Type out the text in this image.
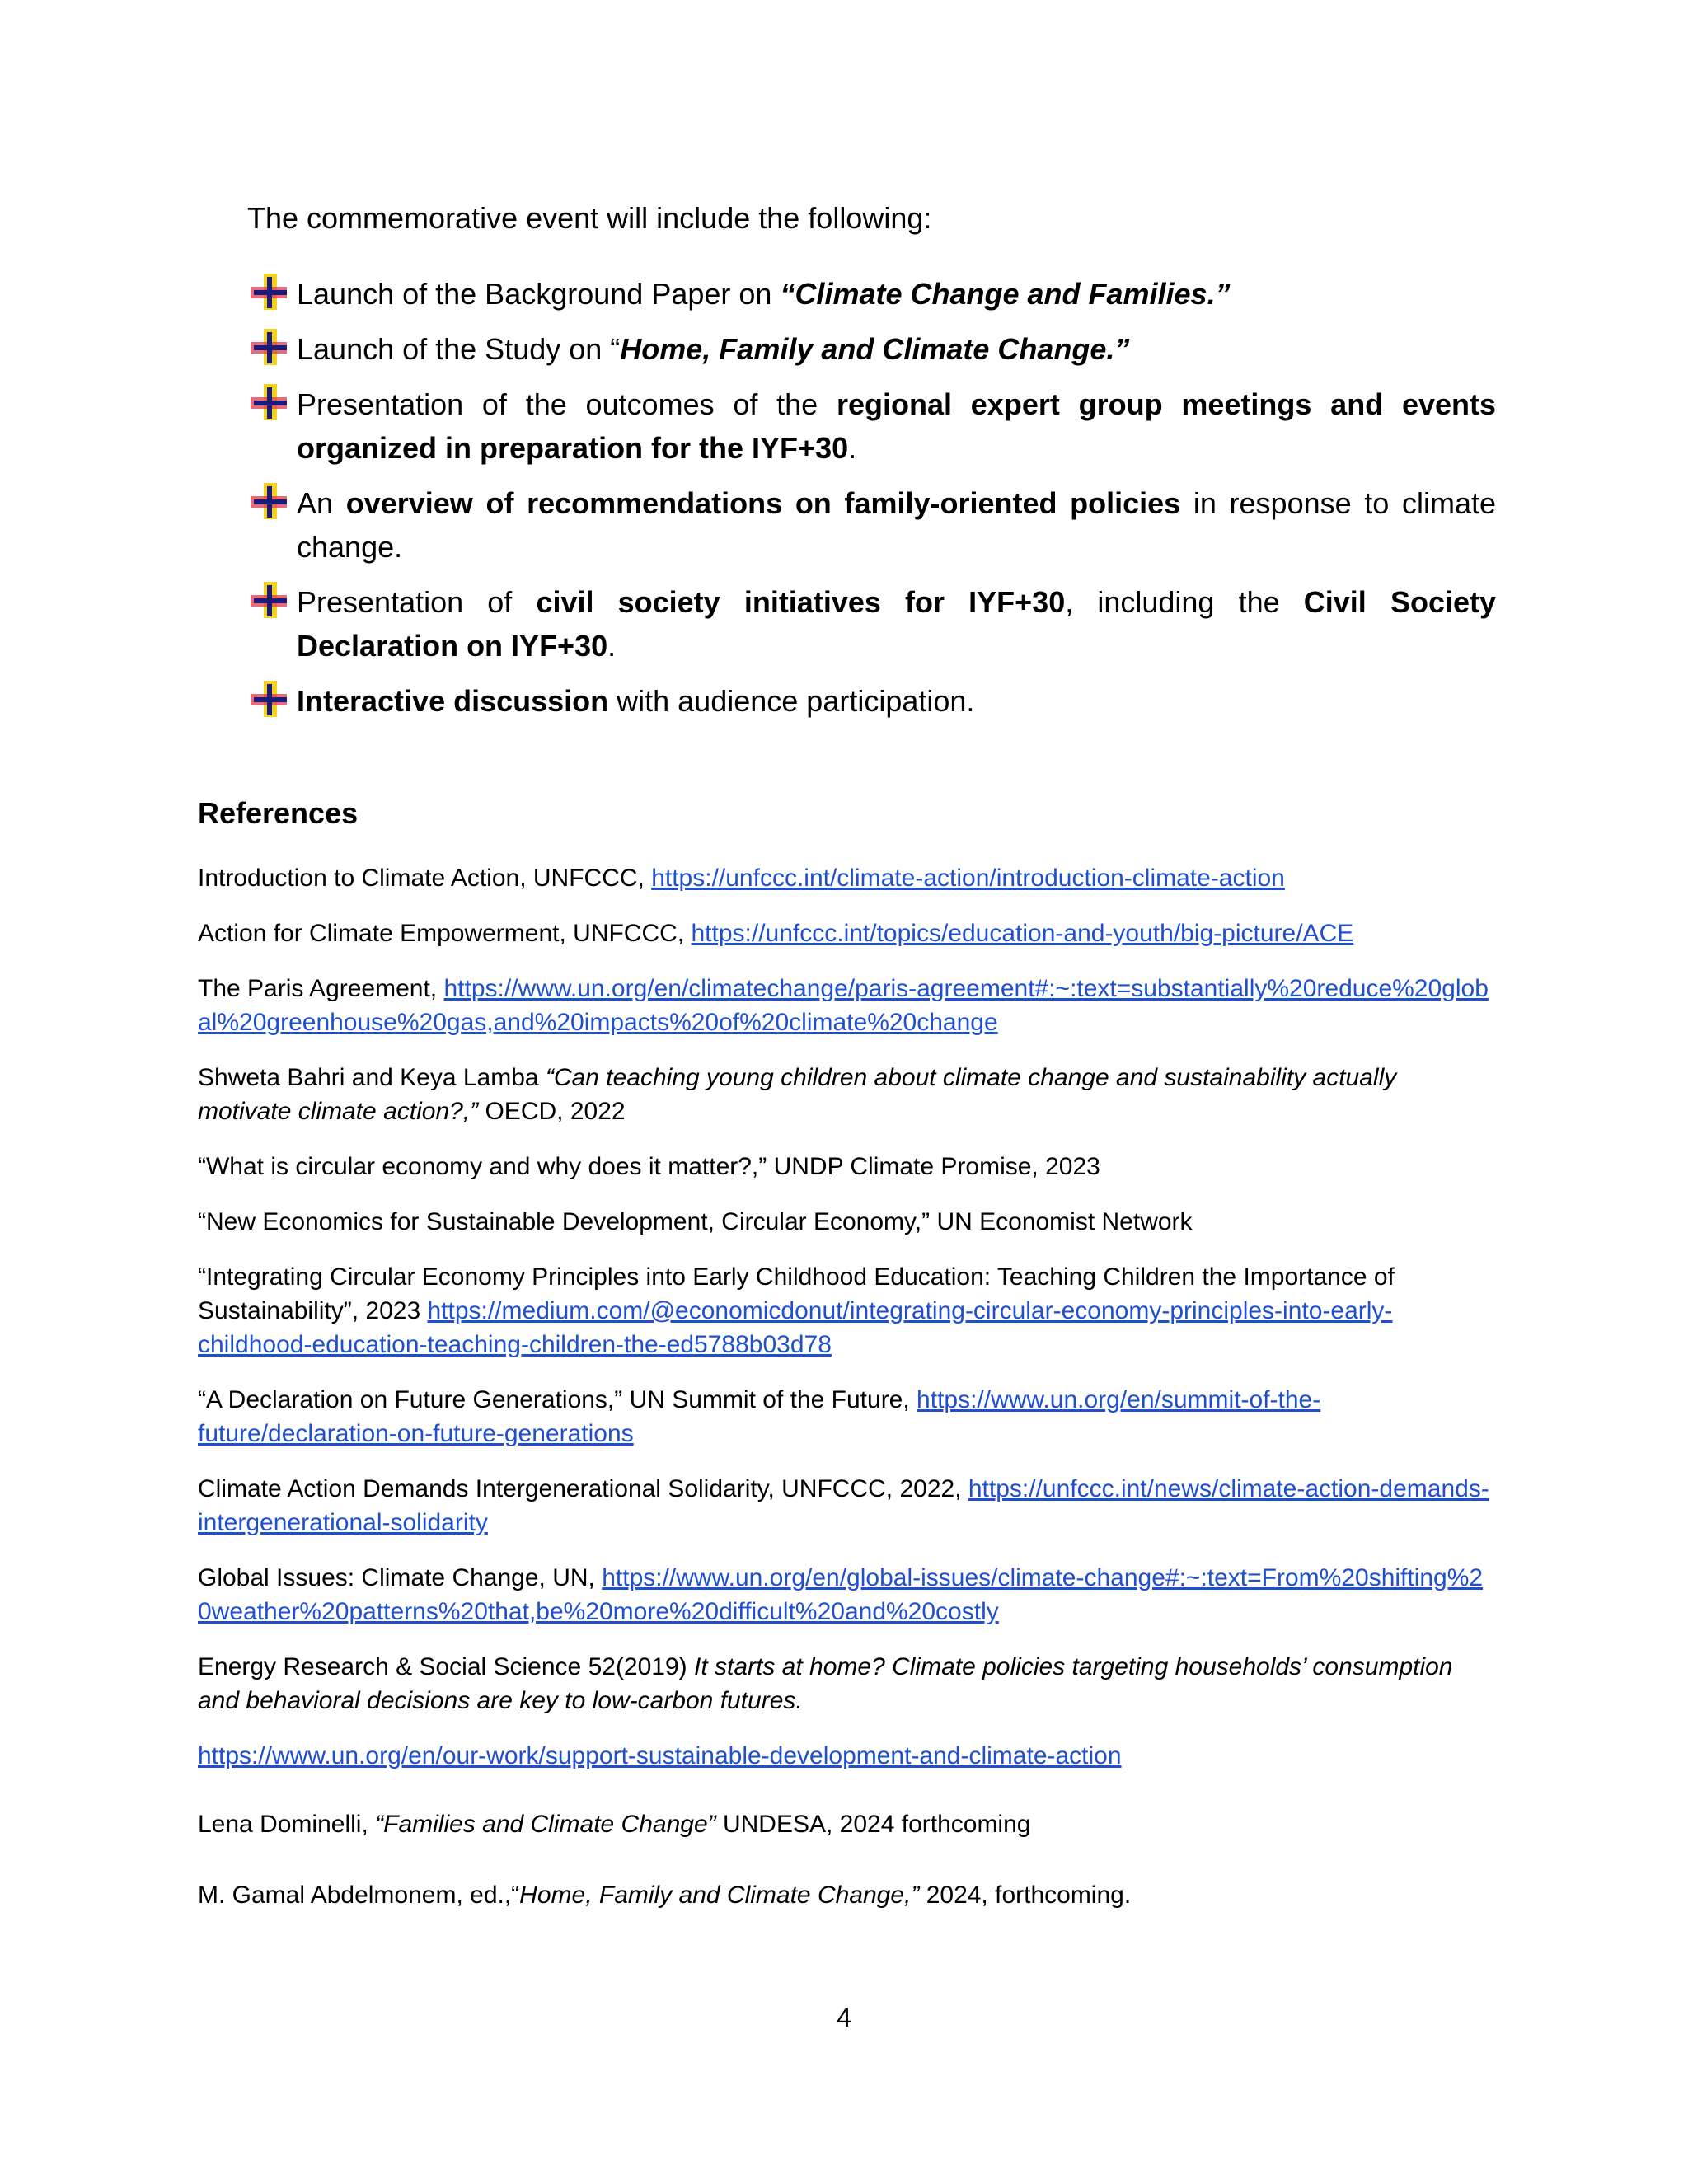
The commemorative event will include the following:
Launch of the Background Paper on “Climate Change and Families.”
Launch of the Study on “Home, Family and Climate Change.”
Presentation of the outcomes of the regional expert group meetings and events organized in preparation for the IYF+30.
An overview of recommendations on family-oriented policies in response to climate change.
Presentation of civil society initiatives for IYF+30, including the Civil Society Declaration on IYF+30.
Interactive discussion with audience participation.
References
Introduction to Climate Action, UNFCCC, https://unfccc.int/climate-action/introduction-climate-action
Action for Climate Empowerment, UNFCCC, https://unfccc.int/topics/education-and-youth/big-picture/ACE
The Paris Agreement, https://www.un.org/en/climatechange/paris-agreement#:~:text=substantially%20reduce%20global%20greenhouse%20gas,and%20impacts%20of%20climate%20change
Shweta Bahri and Keya Lamba “Can teaching young children about climate change and sustainability actually motivate climate action?,” OECD, 2022
“What is circular economy and why does it matter?,” UNDP Climate Promise, 2023
“New Economics for Sustainable Development, Circular Economy,” UN Economist Network
“Integrating Circular Economy Principles into Early Childhood Education: Teaching Children the Importance of Sustainability”, 2023 https://medium.com/@economicdonut/integrating-circular-economy-principles-into-early-childhood-education-teaching-children-the-ed5788b03d78
“A Declaration on Future Generations,” UN Summit of the Future, https://www.un.org/en/summit-of-the-future/declaration-on-future-generations
Climate Action Demands Intergenerational Solidarity, UNFCCC, 2022, https://unfccc.int/news/climate-action-demands-intergenerational-solidarity
Global Issues: Climate Change, UN, https://www.un.org/en/global-issues/climate-change#:~:text=From%20shifting%20weather%20patterns%20that,be%20more%20difficult%20and%20costly
Energy Research & Social Science 52(2019) It starts at home? Climate policies targeting households’ consumption and behavioral decisions are key to low-carbon futures.
https://www.un.org/en/our-work/support-sustainable-development-and-climate-action
Lena Dominelli, “Families and Climate Change” UNDESA, 2024 forthcoming
M. Gamal Abdelmonem, ed.,“Home, Family and Climate Change,” 2024, forthcoming.
4
